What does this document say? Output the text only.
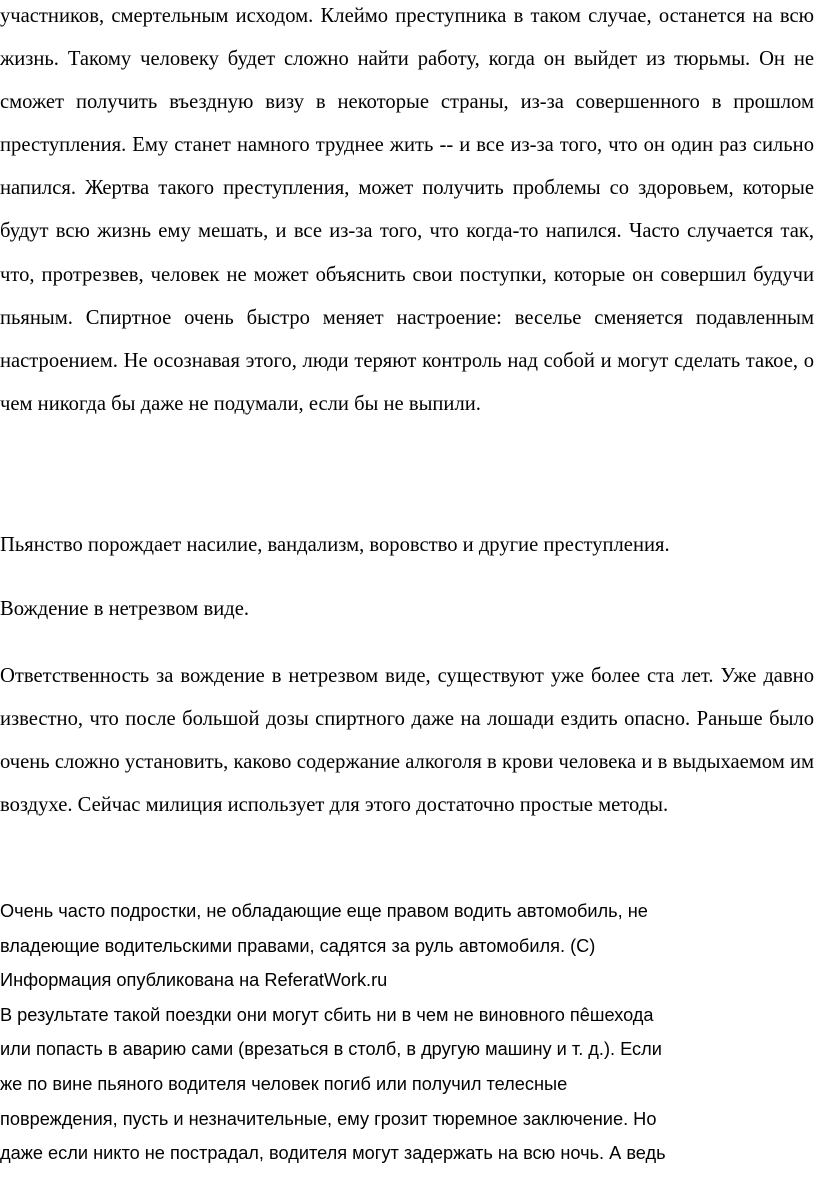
участников, смертельным исходом. Клеймо преступника в таком случае, останется на всю жизнь. Такому человеку будет сложно найти работу, когда он выйдет из тюрьмы. Он не сможет получить въездную визу в некоторые страны, из-за совершенного в прошлом преступления. Ему станет намного труднее жить -- и все из-за того, что он один раз сильно напился. Жертва такого преступления, может получить проблемы со здоровьем, которые будут всю жизнь ему мешать, и все из-за того, что когда-то напился. Часто случается так, что, протрезвев, человек не может объяснить свои поступки, которые он совершил будучи пьяным. Спиртное очень быстро меняет настроение: веселье сменяется подавленным настроением. Не осознавая этого, люди теряют контроль над собой и могут сделать такое, о чем никогда бы даже не подумали, если бы не выпили.

Пьянство порождает насилие, вандализм, воровство и другие преступления.

Вождение в нетрезвом виде.

Ответственность за вождение в нетрезвом виде, существуют уже более ста лет. Уже давно известно, что после большой дозы спиртного даже на лошади ездить опасно. Раньше было очень сложно установить, каково содержание алкоголя в крови человека и в выдыхаемом им воздухе. Сейчас милиция использует для этого достаточно простые методы.

Очень часто подростки, не обладающие еще правом водить автомобиль, не
владеющие водительскими правами, садятся за руль автомобиля. (C)
Информация опубликована на ReferatWork.ru
В результате такой поездки они могут сбить ни в чем не виновного пêшехода
или попасть в аварию сами (врезаться в столб, в другую машину и т. д.). Если
же по вине пьяного водителя человек погиб или получил телесные
повреждения, пусть и незначительные, ему грозит тюремное заключение. Но
даже если никто не пострадал, водителя могут задержать на всю ночь. А ведь
